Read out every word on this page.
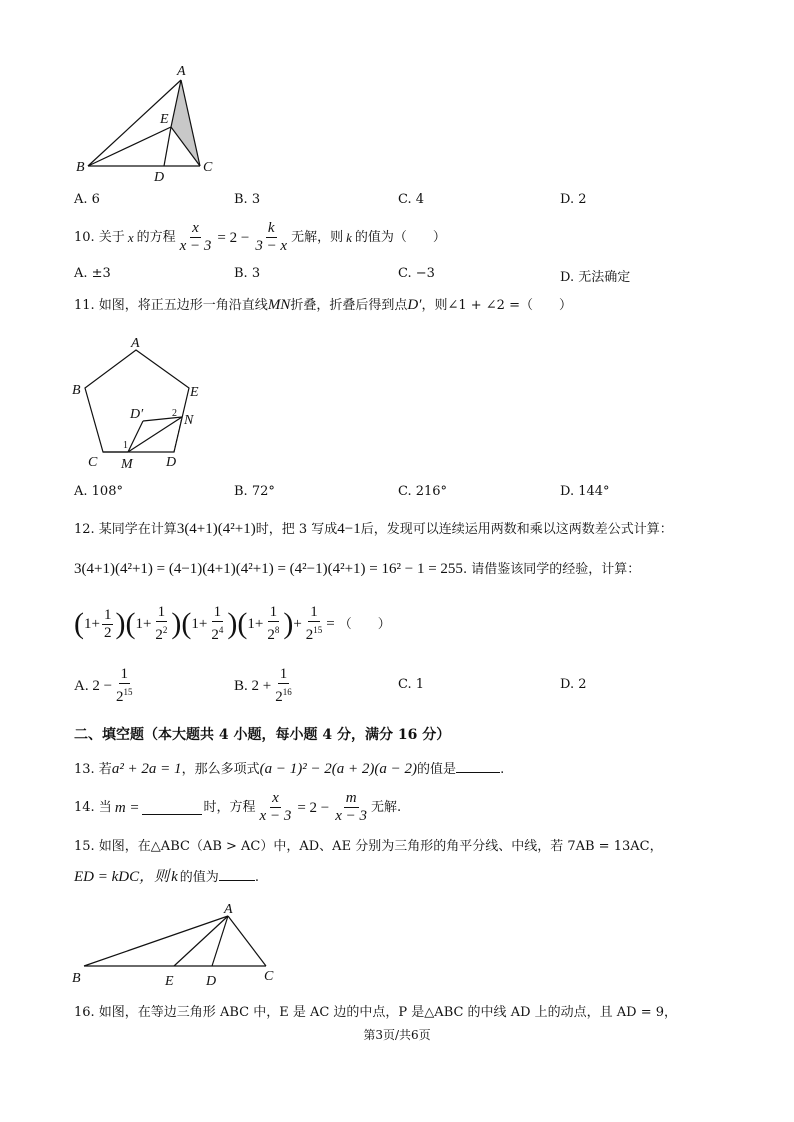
A
E
B
D
C
A. 6	B. 3	C. 4	D. 2
10. 关于 x 的方程 $\frac{x}{x - 3} = 2 - \frac{k}{3 - x}$ 无解，则 k 的值为（　　）
A. ±3	B. 3	C. −3	D. 无法确定
11. 如图，将正五边形一角沿直线MN折叠，折叠后得到点D′，则∠1 + ∠2 =（　　）
A
B	E
D′	N
2
1
C M D
A. 108°	B. 72°	C. 216°	D. 144°
12. 某同学在计算3(4+1)(4²+1)时，把 3 写成4−1后，发现可以连续运用两数和乘以这两数差公式计算：
3(4+1)(4²+1) = (4−1)(4+1)(4²+1) = (4²−1)(4²+1) = 16² − 1 = 255. 请借鉴该同学的经验，计算：
( $1+ \frac{1}{2}$ )( $1+ \frac{1}{2^2}$ )( $1+ \frac{1}{2^4}$ )( $1+ \frac{1}{2^8}$ ) + $\frac{1}{2^{15}}$ = （　　）
A. $2 - \frac{1}{2^{15}}$	B. $2 + \frac{1}{2^{16}}$	C. 1	D. 2
二、填空题（本大题共 4 小题，每小题 4 分，满分 16 分）
13. 若a² + 2a = 1，那么多项式(a − 1)² − 2(a + 2)(a − 2)的值是	.
14. 当 m =	时，方程 $\frac{x}{x - 3} = 2 - \frac{m}{x - 3}$ 无解.
15. 如图，在△ABC（AB > AC）中，AD、AE 分别为三角形的角平分线、中线，若 7AB = 13AC，
ED = kDC，则 k 的值为	.
A
B	E D	C
16. 如图，在等边三角形 ABC 中，E 是 AC 边的中点，P 是△ABC 的中线 AD 上的动点，且 AD = 9，
第3页/共6页
